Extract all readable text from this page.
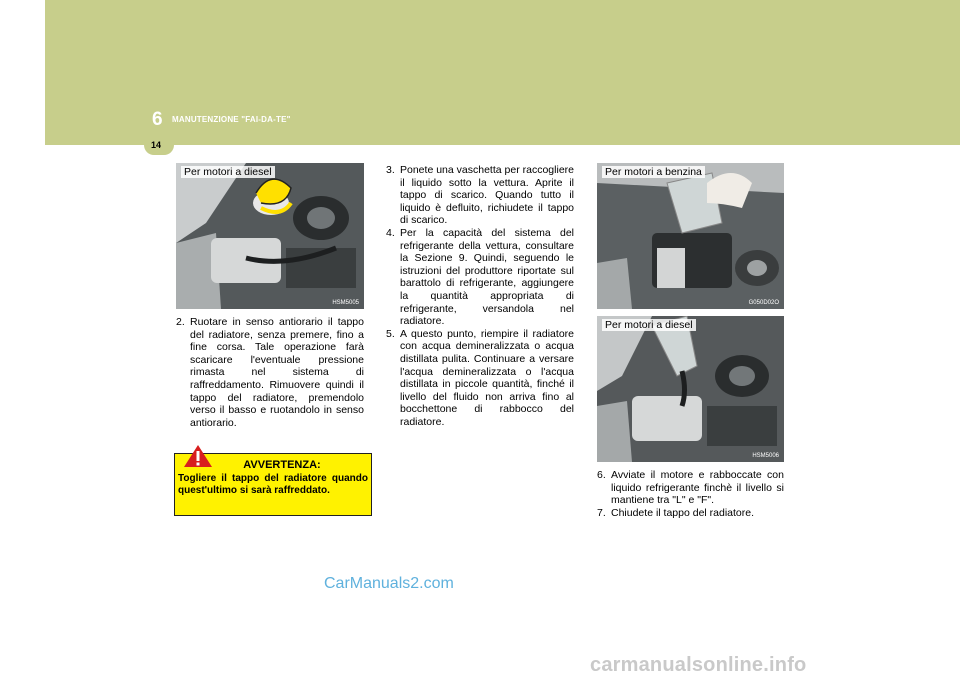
6 MANUTENZIONE "FAI-DA-TE"
14
Per motori a diesel
HSM5005

2. Ruotare in senso antiorario il tappo del radiatore, senza premere, fino a fine corsa. Tale operazione farà scaricare l'eventuale pressione rimasta nel sistema di raffreddamento. Rimuovere quindi il tappo del radiatore, premendolo verso il basso e ruotandolo in senso antiorario.

AVVERTENZA:
Togliere il tappo del radiatore quando quest'ultimo si sarà raffreddato.

3. Ponete una vaschetta per raccogliere il liquido sotto la vettura. Aprite il tappo di scarico. Quando tutto il liquido è defluito, richiudete il tappo di scarico.

4. Per la capacità del sistema del refrigerante della vettura, consultare la Sezione 9. Quindi, seguendo le istruzioni del produttore riportate sul barattolo di refrigerante, aggiungere la quantità appropriata di refrigerante, versandola nel radiatore.

5. A questo punto, riempire il radiatore con acqua demineralizzata o acqua distillata pulita. Continuare a versare l'acqua demineralizzata o l'acqua distillata in piccole quantità, finché il livello del fluido non arriva fino al bocchettone di rabbocco del radiatore.

Per motori a benzina
G050D02O
Per motori a diesel
HSM5006

6. Avviate il motore e rabboccate con liquido refrigerante finchè il livello si mantiene tra "L" e "F".

7. Chiudete il tappo del radiatore.

CarManuals2.com
carmanualsonline.info
